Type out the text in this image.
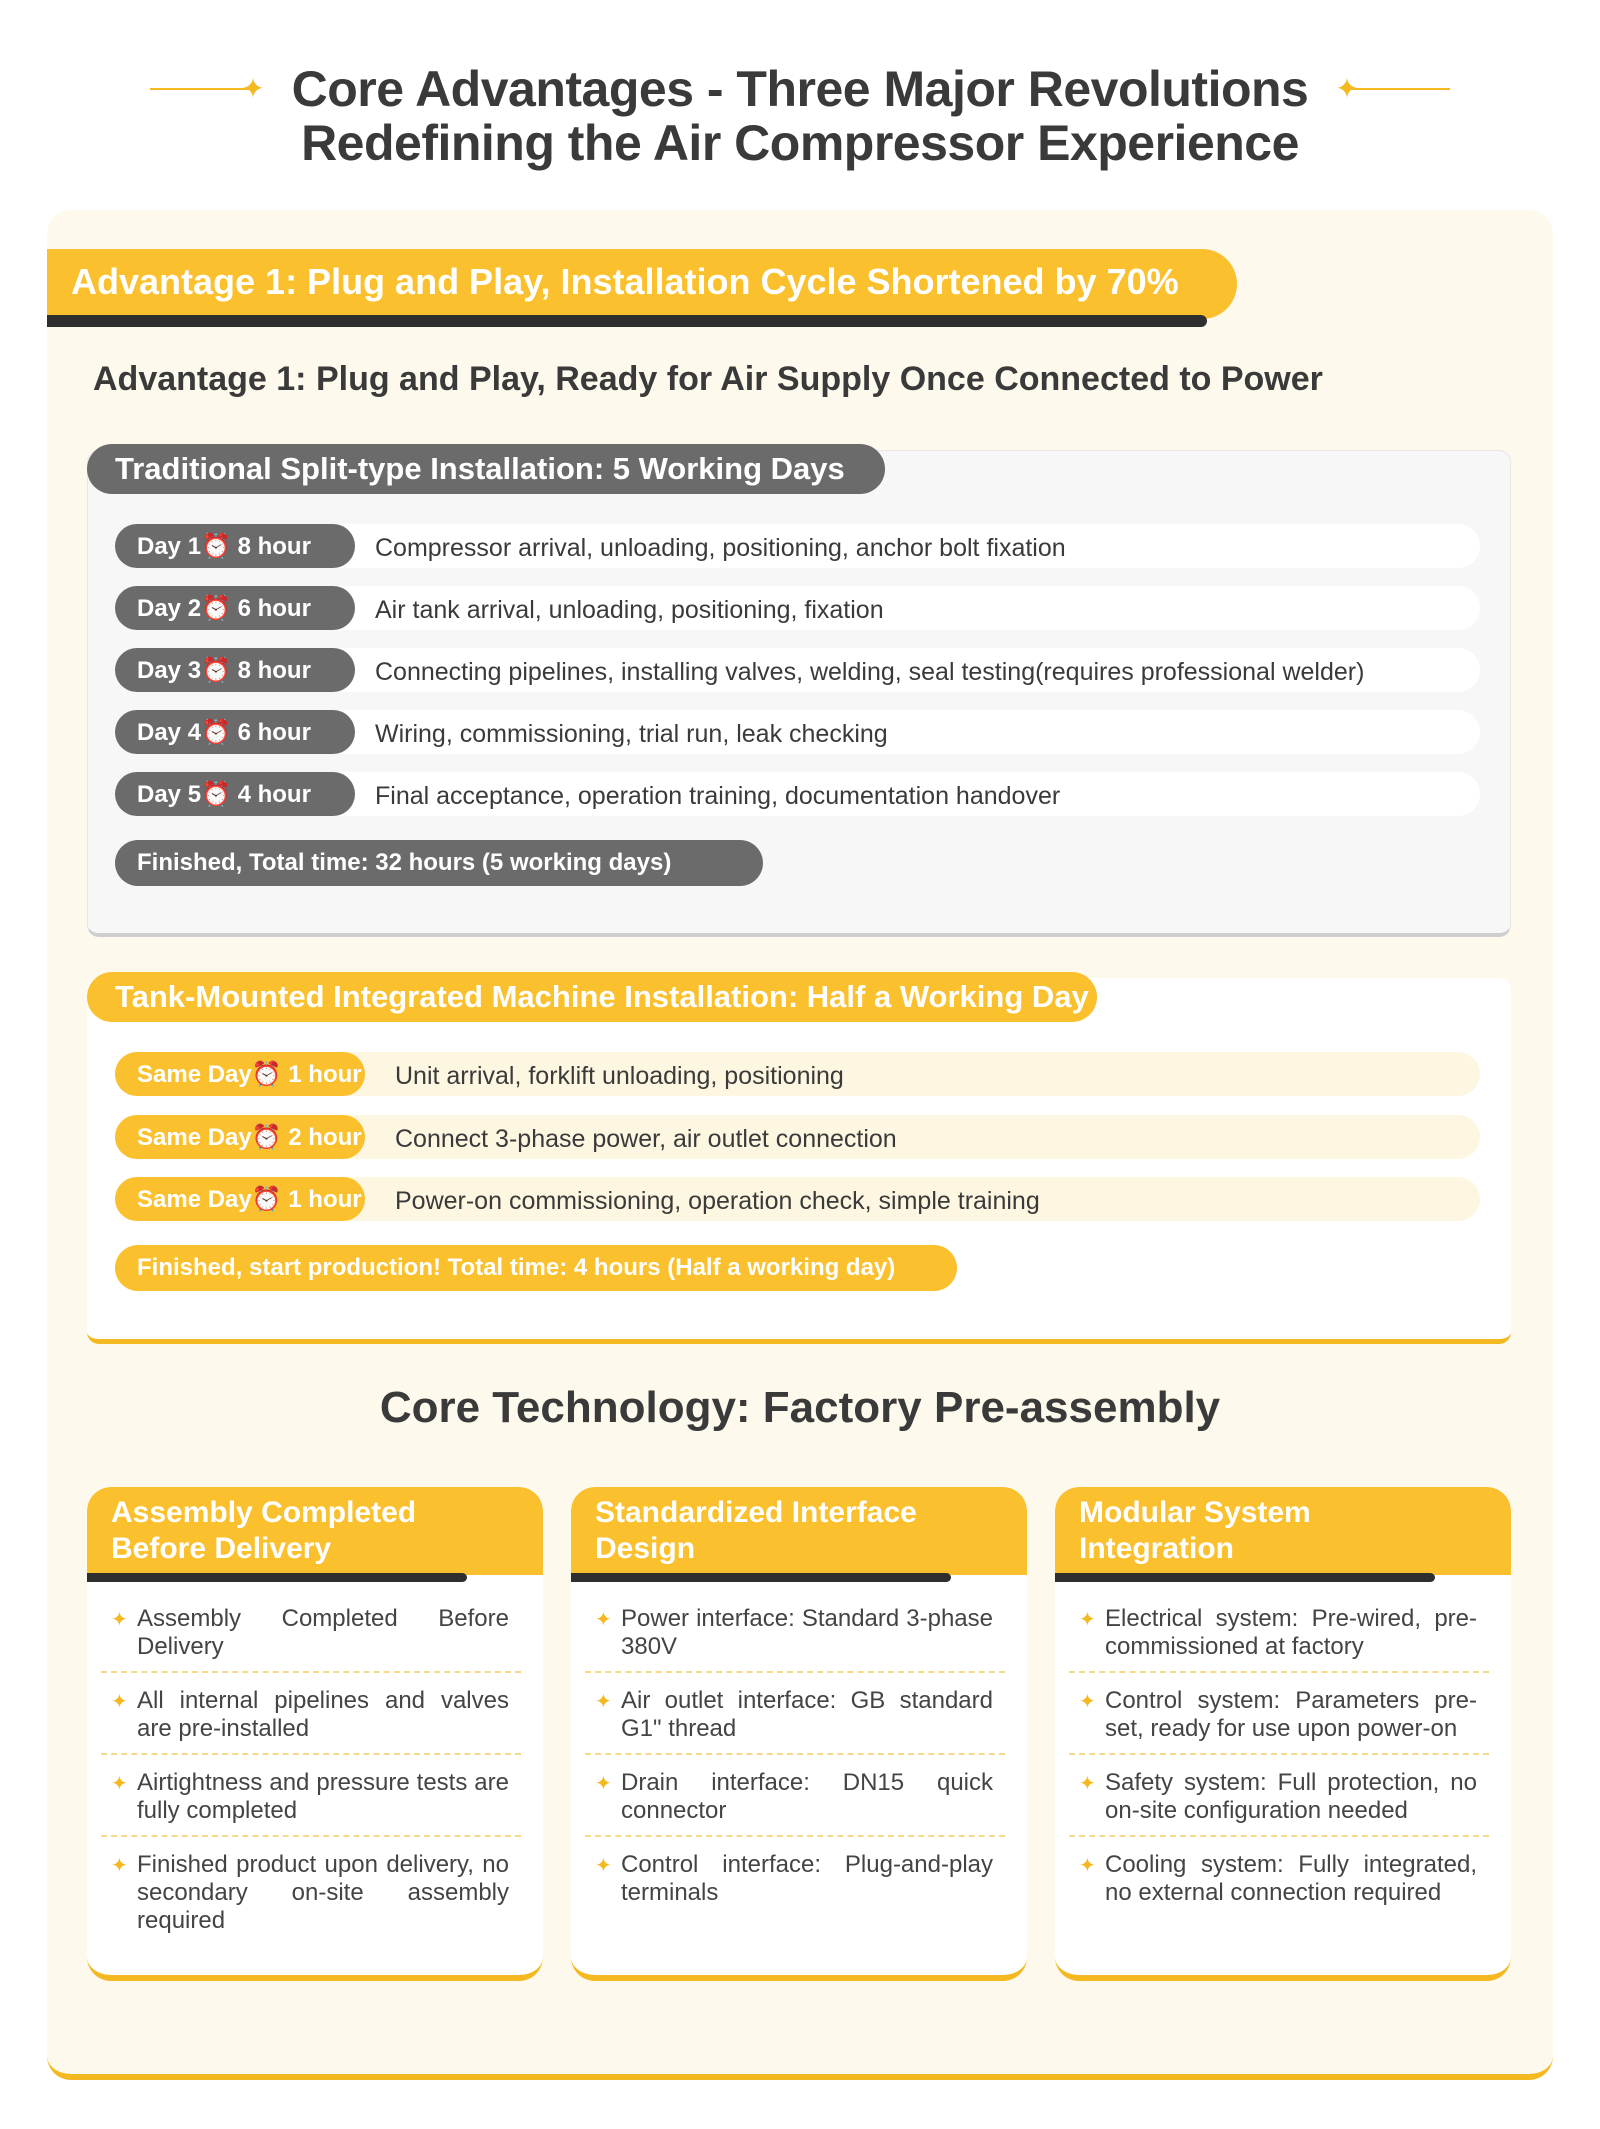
✦	✦
Core Advantages - Three Major Revolutions
Redefining the Air Compressor Experience
Advantage 1: Plug and Play, Installation Cycle Shortened by 70%
Advantage 1: Plug and Play, Ready for Air Supply Once Connected to Power
Traditional Split-type Installation: 5 Working Days
Day 1⏰ 8 hour	Compressor arrival, unloading, positioning, anchor bolt fixation
Day 2⏰ 6 hour	Air tank arrival, unloading, positioning, fixation
Day 3⏰ 8 hour	Connecting pipelines, installing valves, welding, seal testing(requires professional welder)
Day 4⏰ 6 hour	Wiring, commissioning, trial run, leak checking
Day 5⏰ 4 hour	Final acceptance, operation training, documentation handover
Finished, Total time: 32 hours (5 working days)
Tank-Mounted Integrated Machine Installation: Half a Working Day
Same Day⏰ 1 hour Unit arrival, forklift unloading, positioning
Same Day⏰ 2 hour Connect 3-phase power, air outlet connection
Same Day⏰ 1 hour Power-on commissioning, operation check, simple training
Finished, start production! Total time: 4 hours (Half a working day)
Core Technology: Factory Pre-assembly
Assembly Completed
Before Delivery
✦ Assembly Completed Before Delivery
✦ All internal pipelines and valves are pre-installed
✦ Airtightness and pressure tests are fully completed
✦ Finished product upon delivery, no secondary on-site assembly required
Standardized Interface
Design
✦ Power interface: Standard 3-phase 380V
✦ Air outlet interface: GB standard G1" thread
✦ Drain interface: DN15 quick connector
✦ Control interface: Plug-and-play terminals
Modular System
Integration
✦ Electrical system: Pre-wired, pre-commissioned at factory
✦ Control system: Parameters pre-set, ready for use upon power-on
✦ Safety system: Full protection, no on-site configuration needed
✦ Cooling system: Fully integrated, no external connection required
